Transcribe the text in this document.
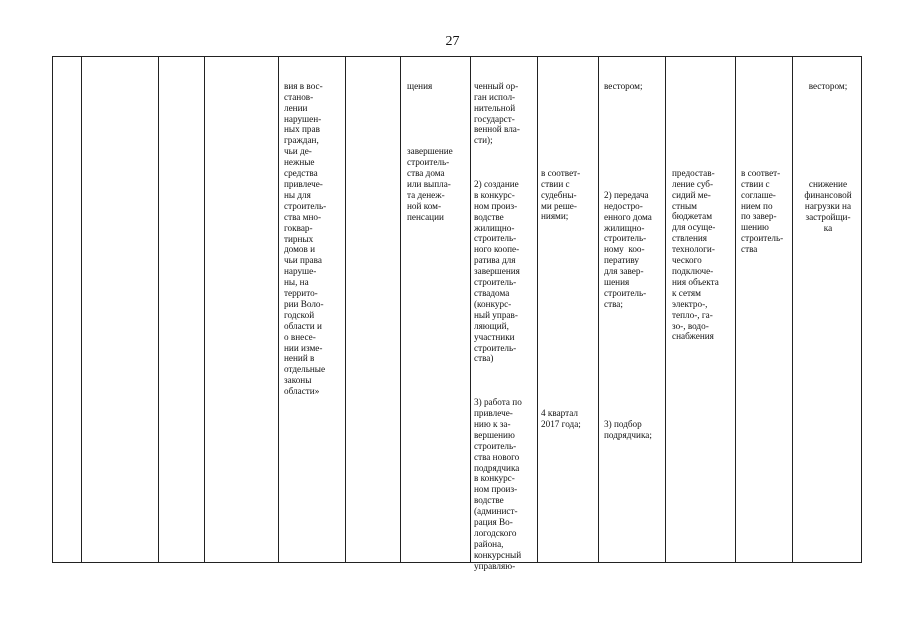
27

вия в вос-
станов-
лении
нарушен-
ных прав
граждан,
чьи де-
нежные
средства
привлече-
ны для
строитель-
ства мно-
гоквар-
тирных
домов и
чьи права
наруше-
ны, на
террито-
рии Воло-
годской
области и
о внесе-
нии изме-
нений в
отдельные
законы
области»

щения

завершение
строитель-
ства дома
или выпла-
та денеж-
ной ком-
пенсации

ченный ор-
ган испол-
нительной
государст-
венной вла-
сти);

2) создание
в конкурс-
ном произ-
водстве
жилищно-
строитель-
ного коопе-
ратива для
завершения
строитель-
ствадома
(конкурс-
ный управ-
ляющий,
участники
строитель-
ства)

3) работа по
привлече-
нию к за-
вершению
строитель-
ства нового
подрядчика
в конкурс-
ном произ-
водстве
(админист-
рация Во-
логодского
района,
конкурсный
управляю-

в соответ-
ствии с
судебны-
ми реше-
ниями;

4 квартал
2017 года;

вестором;

2) передача
недостро-
енного дома
жилищно-
строитель-
ному  коо-
перативу
для завер-
шения
строитель-
ства;

3) подбор
подрядчика;

предостав-
ление суб-
сидий ме-
стным
бюджетам
для осуще-
ствления
технологи-
ческого
подключе-
ния объекта
к сетям
электро-,
тепло-, га-
зо-, водо-
снабжения

в соответ-
ствии с
соглаше-
нием по
по завер-
шению
строитель-
ства

вестором;

снижение
финансовой
нагрузки на
застройщи-
ка
